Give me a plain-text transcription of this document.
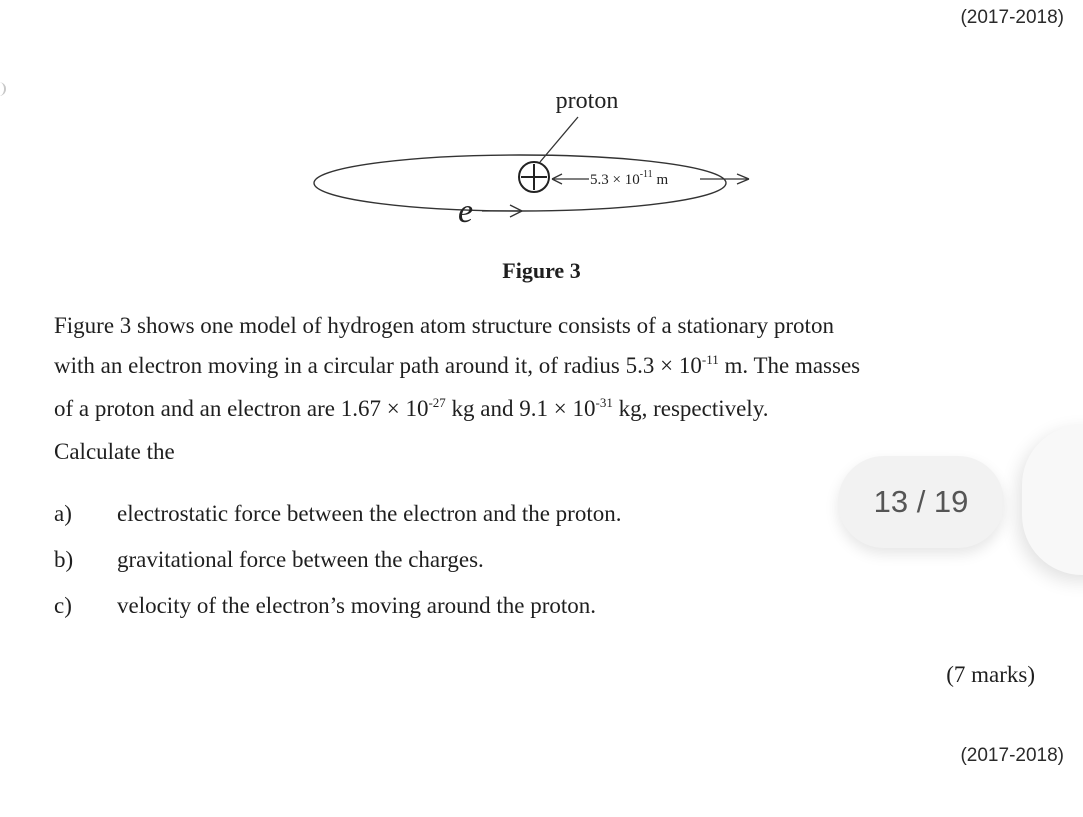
(2017-2018)
proton
$5.3 \times 10^{-11}$ m
e
Figure 3

Figure 3 shows one model of hydrogen atom structure consists of a stationary proton

with an electron moving in a circular path around it, of radius $5.3 \times 10^{-11}$ m. The masses

of a proton and an electron are $1.67 \times 10^{-27}$ kg and $9.1 \times 10^{-31}$ kg, respectively.

Calculate the

a) electrostatic force between the electron and the proton.
b) gravitational force between the charges.
c) velocity of the electron’s moving around the proton.
(7 marks)
(2017-2018)
13 / 19
